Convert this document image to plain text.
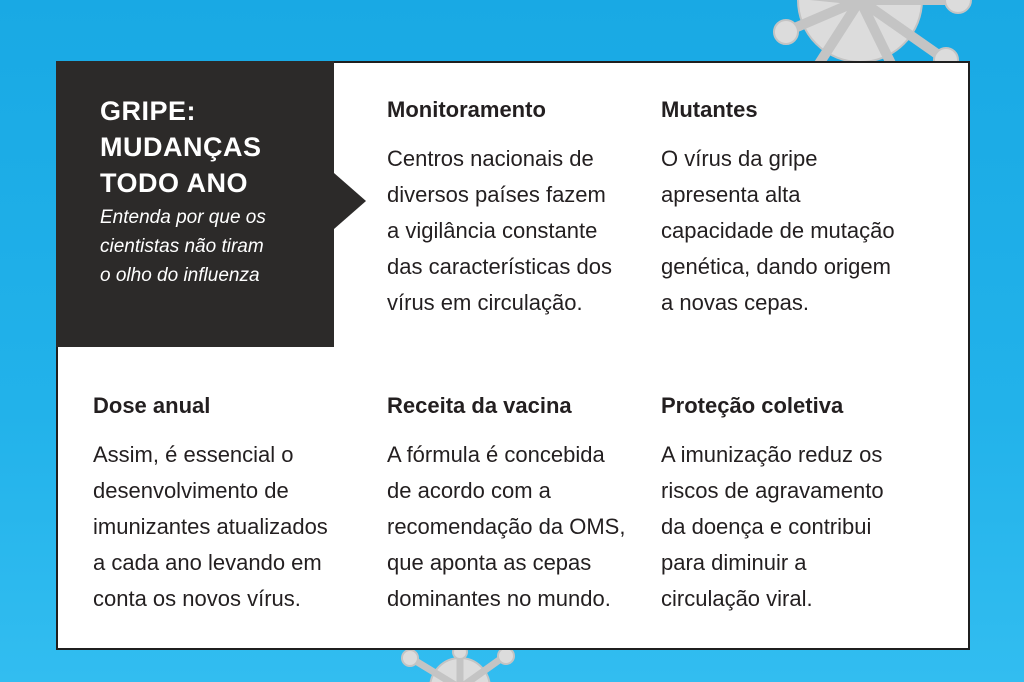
GRIPE:
MUDANÇAS
TODO ANO

Entenda por que os
cientistas não tiram
o olho do influenza

Monitoramento

Centros nacionais de
diversos países fazem
a vigilância constante
das características dos
vírus em circulação.

Mutantes

O vírus da gripe
apresenta alta
capacidade de mutação
genética, dando origem
a novas cepas.

Dose anual

Assim, é essencial o
desenvolvimento de
imunizantes atualizados
a cada ano levando em
conta os novos vírus.

Receita da vacina

A fórmula é concebida
de acordo com a
recomendação da OMS,
que aponta as cepas
dominantes no mundo.

Proteção coletiva

A imunização reduz os
riscos de agravamento
da doença e contribui
para diminuir a
circulação viral.
